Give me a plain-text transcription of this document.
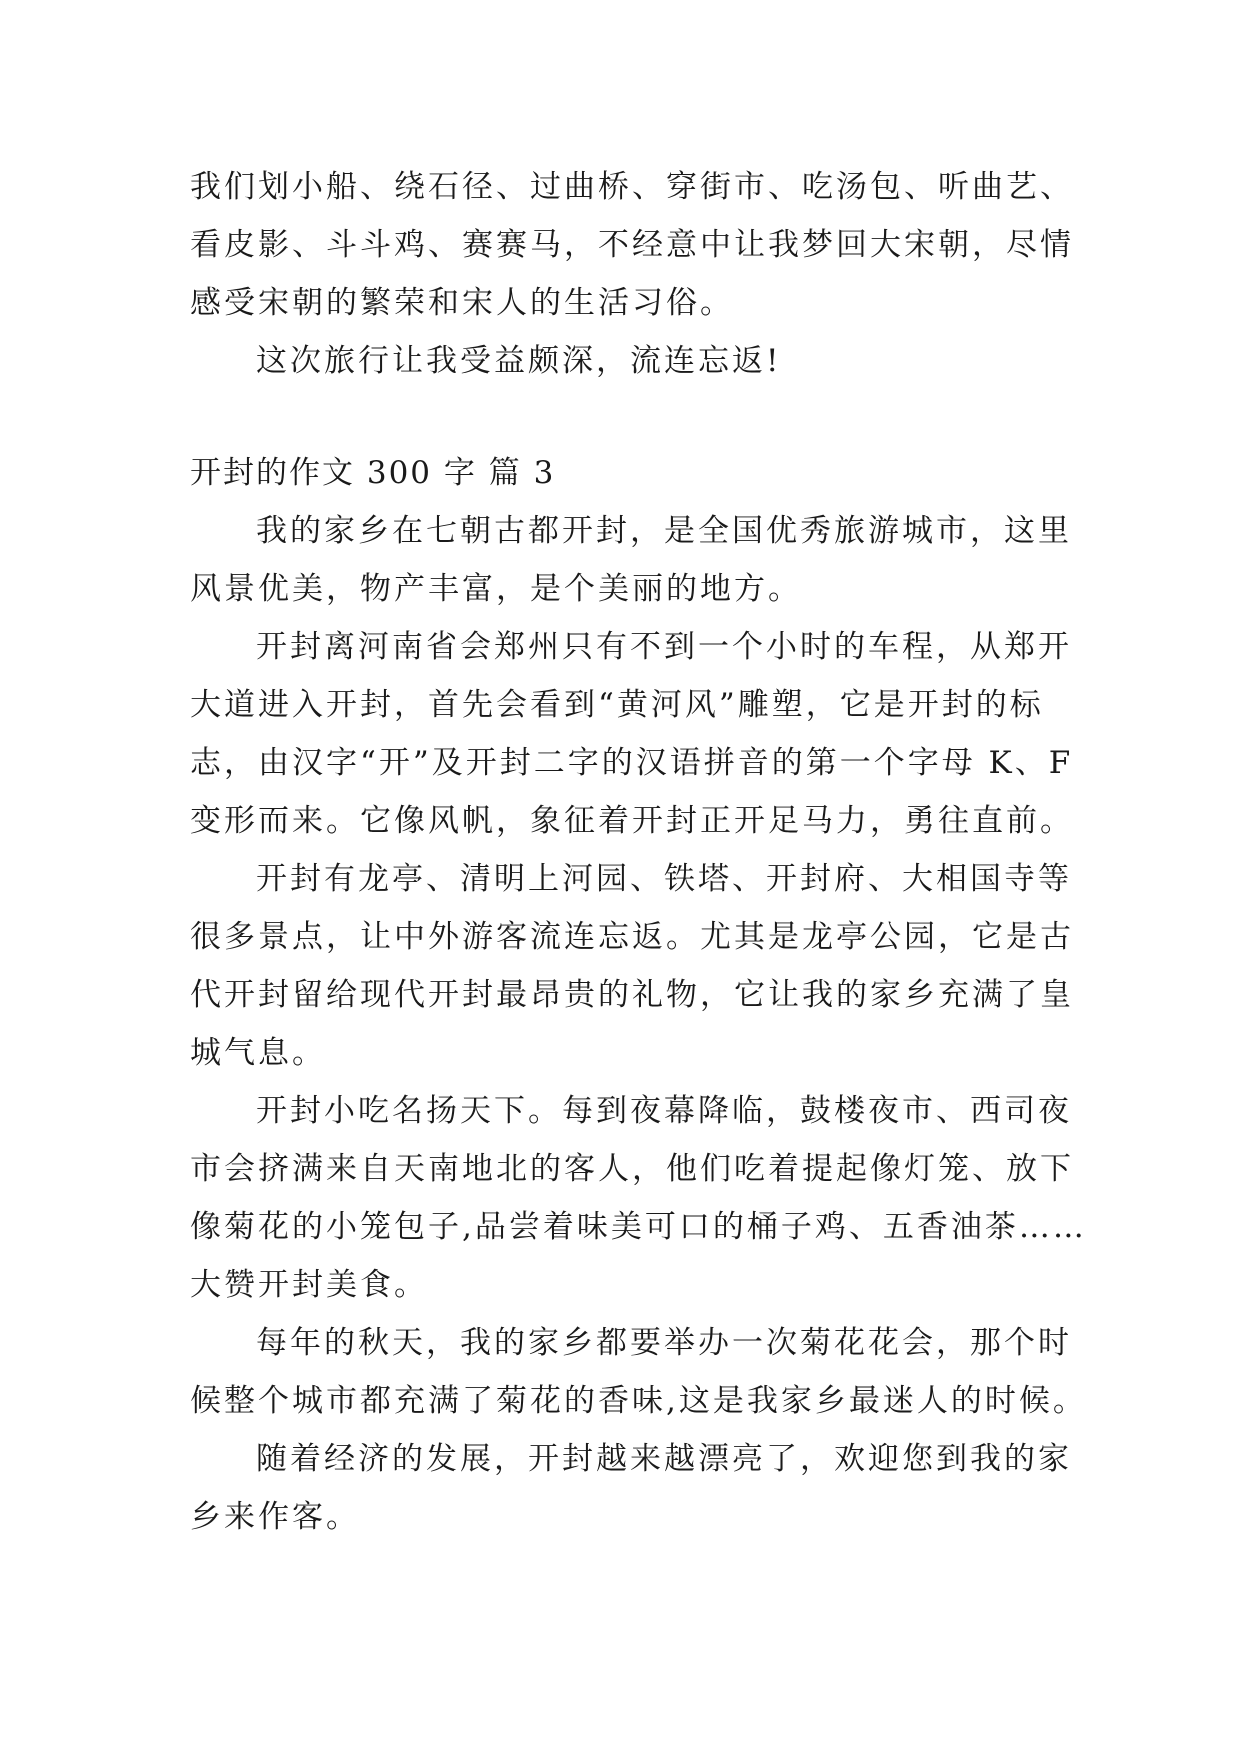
我们划小船、绕石径、过曲桥、穿街市、吃汤包、听曲艺、
看皮影、斗斗鸡、赛赛马，不经意中让我梦回大宋朝，尽情
感受宋朝的繁荣和宋人的生活习俗。
这次旅行让我受益颇深，流连忘返!
开封的作文 300 字 篇 3
我的家乡在七朝古都开封，是全国优秀旅游城市，这里
风景优美，物产丰富，是个美丽的地方。
开封离河南省会郑州只有不到一个小时的车程，从郑开
大道进入开封，首先会看到“黄河风”雕塑，它是开封的标
志，由汉字“开”及开封二字的汉语拼音的第一个字母 K、F
变形而来。它像风帆，象征着开封正开足马力，勇往直前。
开封有龙亭、清明上河园、铁塔、开封府、大相国寺等
很多景点，让中外游客流连忘返。尤其是龙亭公园，它是古
代开封留给现代开封最昂贵的礼物，它让我的家乡充满了皇
城气息。
开封小吃名扬天下。每到夜幕降临，鼓楼夜市、西司夜
市会挤满来自天南地北的客人，他们吃着提起像灯笼、放下
像菊花的小笼包子,品尝着味美可口的桶子鸡、五香油茶……
大赞开封美食。
每年的秋天，我的家乡都要举办一次菊花花会，那个时
候整个城市都充满了菊花的香味,这是我家乡最迷人的时候。
随着经济的发展，开封越来越漂亮了，欢迎您到我的家
乡来作客。
